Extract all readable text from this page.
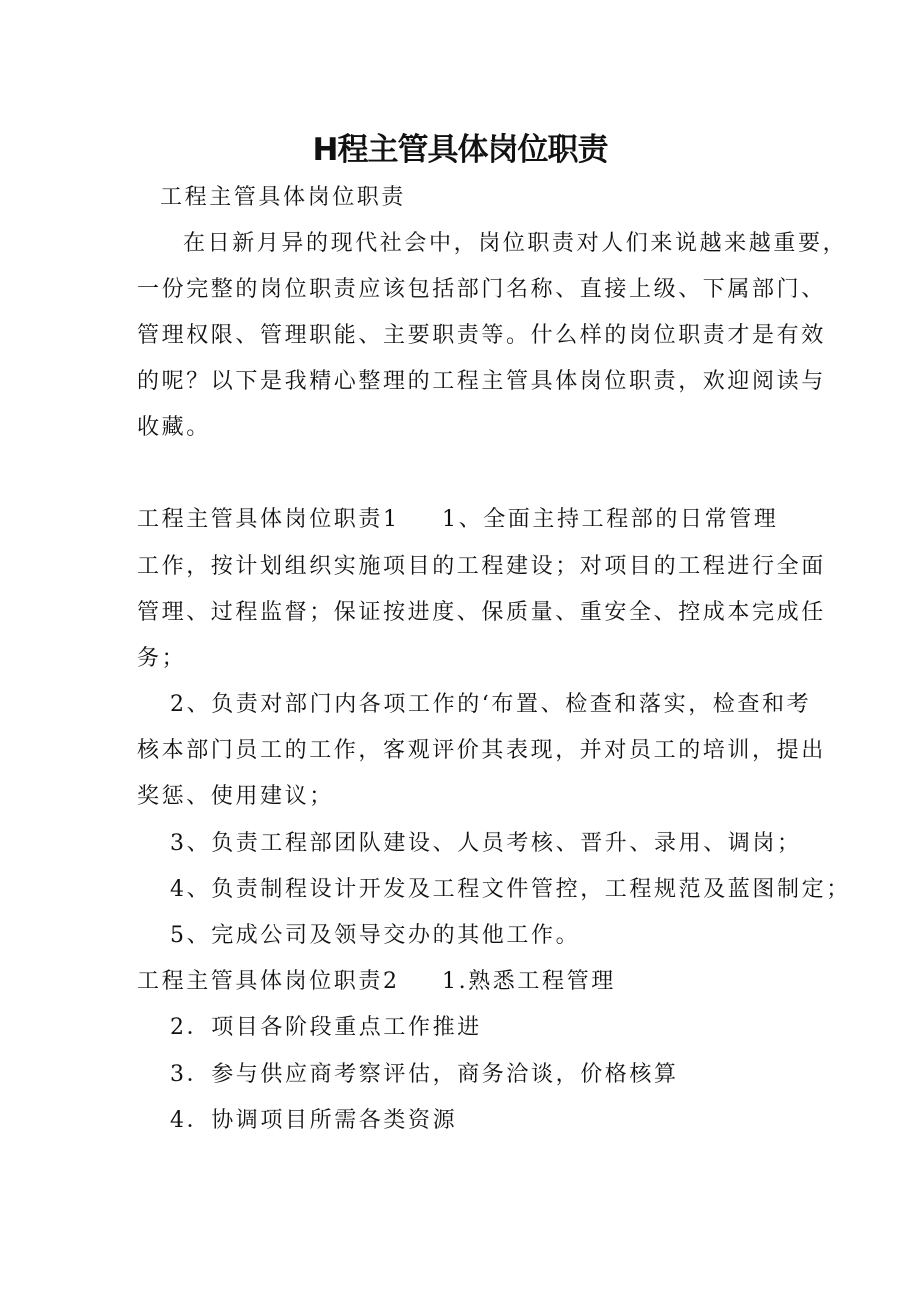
H程主管具体岗位职责
工程主管具体岗位职责
在日新月异的现代社会中，岗位职责对人们来说越来越重要，
一份完整的岗位职责应该包括部门名称、直接上级、下属部门、
管理权限、管理职能、主要职责等。什么样的岗位职责才是有效
的呢？以下是我精心整理的工程主管具体岗位职责，欢迎阅读与
收藏。
工程主管具体岗位职责1 1、全面主持工程部的日常管理
工作，按计划组织实施项目的工程建设；对项目的工程进行全面
管理、过程监督；保证按进度、保质量、重安全、控成本完成任
务；
2、负责对部门内各项工作的‘布置、检查和落实，检查和考
核本部门员工的工作，客观评价其表现，并对员工的培训，提出
奖惩、使用建议；
3、负责工程部团队建设、人员考核、晋升、录用、调岗；
4、负责制程设计开发及工程文件管控，工程规范及蓝图制定；
5、完成公司及领导交办的其他工作。
工程主管具体岗位职责2 1.熟悉工程管理
2．项目各阶段重点工作推进
3．参与供应商考察评估，商务洽谈，价格核算
4．协调项目所需各类资源
